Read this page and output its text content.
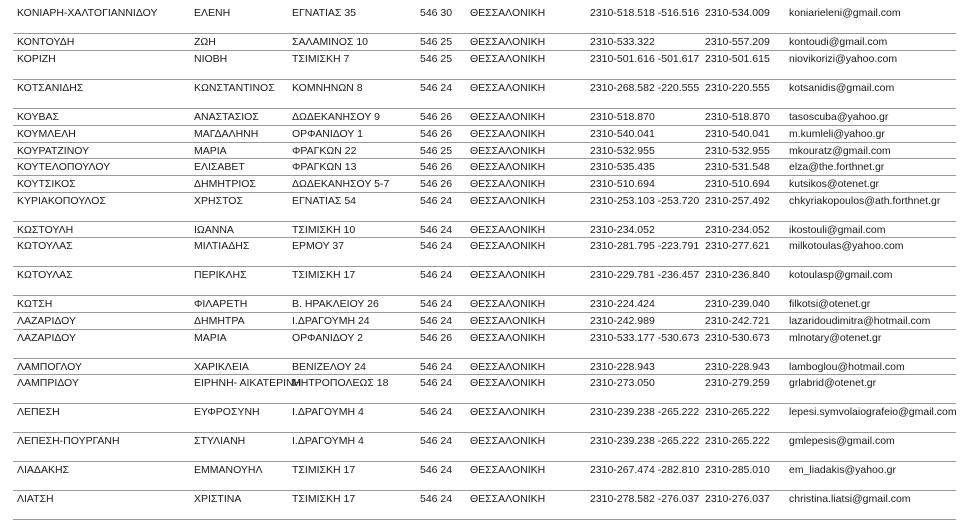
ΚΟΝΙΑΡΗ-ΧΑΛΤΟΓΙΑΝΝΙΔΟΥ	ΕΛΕΝΗ	ΕΓΝΑΤΙΑΣ 35	546 30	ΘΕΣΣΑΛΟΝΙΚΗ	2310-518.518 -516.516	2310-534.009	koniarieleni@gmail.com
ΚΟΝΤΟΥΔΗ	ΖΩΗ	ΣΑΛΑΜΙΝΟΣ 10	546 25	ΘΕΣΣΑΛΟΝΙΚΗ	2310-533.322	2310-557.209	kontoudi@gmail.com
ΚΟΡΙΖΗ	ΝΙΟΒΗ	ΤΣΙΜΙΣΚΗ 7	546 25	ΘΕΣΣΑΛΟΝΙΚΗ	2310-501.616 -501.617	2310-501.615	niovikorizi@yahoo.com
ΚΟΤΣΑΝΙΔΗΣ	ΚΩΝΣΤΑΝΤΙΝΟΣ	ΚΟΜΝΗΝΩΝ 8	546 24	ΘΕΣΣΑΛΟΝΙΚΗ	2310-268.582 -220.555	2310-220.555	kotsanidis@gmail.com
ΚΟΥΒΑΣ	ΑΝΑΣΤΑΣΙΟΣ	ΔΩΔΕΚΑΝΗΣΟΥ 9	546 26	ΘΕΣΣΑΛΟΝΙΚΗ	2310-518.870	2310-518.870	tasoscuba@yahoo.gr
ΚΟΥΜΛΕΛΗ	ΜΑΓΔΑΛΗΝΗ	ΟΡΦΑΝΙΔΟΥ 1	546 26	ΘΕΣΣΑΛΟΝΙΚΗ	2310-540.041	2310-540.041	m.kumleli@yahoo.gr
ΚΟΥΡΑΤΖΙΝΟΥ	ΜΑΡΙΑ	ΦΡΑΓΚΩΝ 22	546 25	ΘΕΣΣΑΛΟΝΙΚΗ	2310-532.955	2310-532.955	mkouratz@gmail.com
ΚΟΥΤΕΛΟΠΟΥΛΟΥ	ΕΛΙΣΑΒΕΤ	ΦΡΑΓΚΩΝ 13	546 26	ΘΕΣΣΑΛΟΝΙΚΗ	2310-535.435	2310-531.548	elza@the.forthnet.gr
ΚΟΥΤΣΙΚΟΣ	ΔΗΜΗΤΡΙΟΣ	ΔΩΔΕΚΑΝΗΣΟΥ 5-7	546 26	ΘΕΣΣΑΛΟΝΙΚΗ	2310-510.694	2310-510.694	kutsikos@otenet.gr
ΚΥΡΙΑΚΟΠΟΥΛΟΣ	ΧΡΗΣΤΟΣ	ΕΓΝΑΤΙΑΣ 54	546 24	ΘΕΣΣΑΛΟΝΙΚΗ	2310-253.103 -253.720	2310-257.492	chkyriakopoulos@ath.forthnet.gr
ΚΩΣΤΟΥΛΗ	ΙΩΑΝΝΑ	ΤΣΙΜΙΣΚΗ 10	546 24	ΘΕΣΣΑΛΟΝΙΚΗ	2310-234.052	2310-234.052	ikostouli@gmail.com
ΚΩΤΟΥΛΑΣ	ΜΙΛΤΙΑΔΗΣ	ΕΡΜΟΥ 37	546 24	ΘΕΣΣΑΛΟΝΙΚΗ	2310-281.795 -223.791	2310-277.621	milkotoulas@yahoo.com
ΚΩΤΟΥΛΑΣ	ΠΕΡΙΚΛΗΣ	ΤΣΙΜΙΣΚΗ 17	546 24	ΘΕΣΣΑΛΟΝΙΚΗ	2310-229.781 -236.457	2310-236.840	kotoulasp@gmail.com
ΚΩΤΣΗ	ΦΙΛΑΡΕΤΗ	Β. ΗΡΑΚΛΕΙΟΥ 26	546 24	ΘΕΣΣΑΛΟΝΙΚΗ	2310-224.424	2310-239.040	filkotsi@otenet.gr
ΛΑΖΑΡΙΔΟΥ	ΔΗΜΗΤΡΑ	Ι.ΔΡΑΓΟΥΜΗ 24	546 24	ΘΕΣΣΑΛΟΝΙΚΗ	2310-242.989	2310-242.721	lazaridoudimitra@hotmail.com
ΛΑΖΑΡΙΔΟΥ	ΜΑΡΙΑ	ΟΡΦΑΝΙΔΟΥ 2	546 26	ΘΕΣΣΑΛΟΝΙΚΗ	2310-533.177 -530.673	2310-530.673	mlnotary@otenet.gr
ΛΑΜΠΟΓΛΟΥ	ΧΑΡΙΚΛΕΙΑ	ΒΕΝΙΖΕΛΟΥ 24	546 24	ΘΕΣΣΑΛΟΝΙΚΗ	2310-228.943	2310-228.943	lamboglou@hotmail.com
ΛΑΜΠΡΙΔΟΥ	ΕΙΡΗΝΗ- ΑΙΚΑΤΕΡΙΝΗ	ΜΗΤΡΟΠΟΛΕΩΣ 18	546 24	ΘΕΣΣΑΛΟΝΙΚΗ	2310-273.050	2310-279.259	grlabrid@otenet.gr
ΛΕΠΕΣΗ	ΕΥΦΡΟΣΥΝΗ	Ι.ΔΡΑΓΟΥΜΗ 4	546 24	ΘΕΣΣΑΛΟΝΙΚΗ	2310-239.238 -265.222	2310-265.222	lepesi.symvolaiografeio@gmail.com
ΛΕΠΕΣΗ-ΠΟΥΡΓΑΝΗ	ΣΤΥΛΙΑΝΗ	Ι.ΔΡΑΓΟΥΜΗ 4	546 24	ΘΕΣΣΑΛΟΝΙΚΗ	2310-239.238 -265.222	2310-265.222	gmlepesis@gmail.com
ΛΙΑΔΑΚΗΣ	ΕΜΜΑΝΟΥΗΛ	ΤΣΙΜΙΣΚΗ 17	546 24	ΘΕΣΣΑΛΟΝΙΚΗ	2310-267.474 -282.810	2310-285.010	em_liadakis@yahoo.gr
ΛΙΑΤΣΗ	ΧΡΙΣΤΙΝΑ	ΤΣΙΜΙΣΚΗ 17	546 24	ΘΕΣΣΑΛΟΝΙΚΗ	2310-278.582 -276.037	2310-276.037	christina.liatsi@gmail.com
